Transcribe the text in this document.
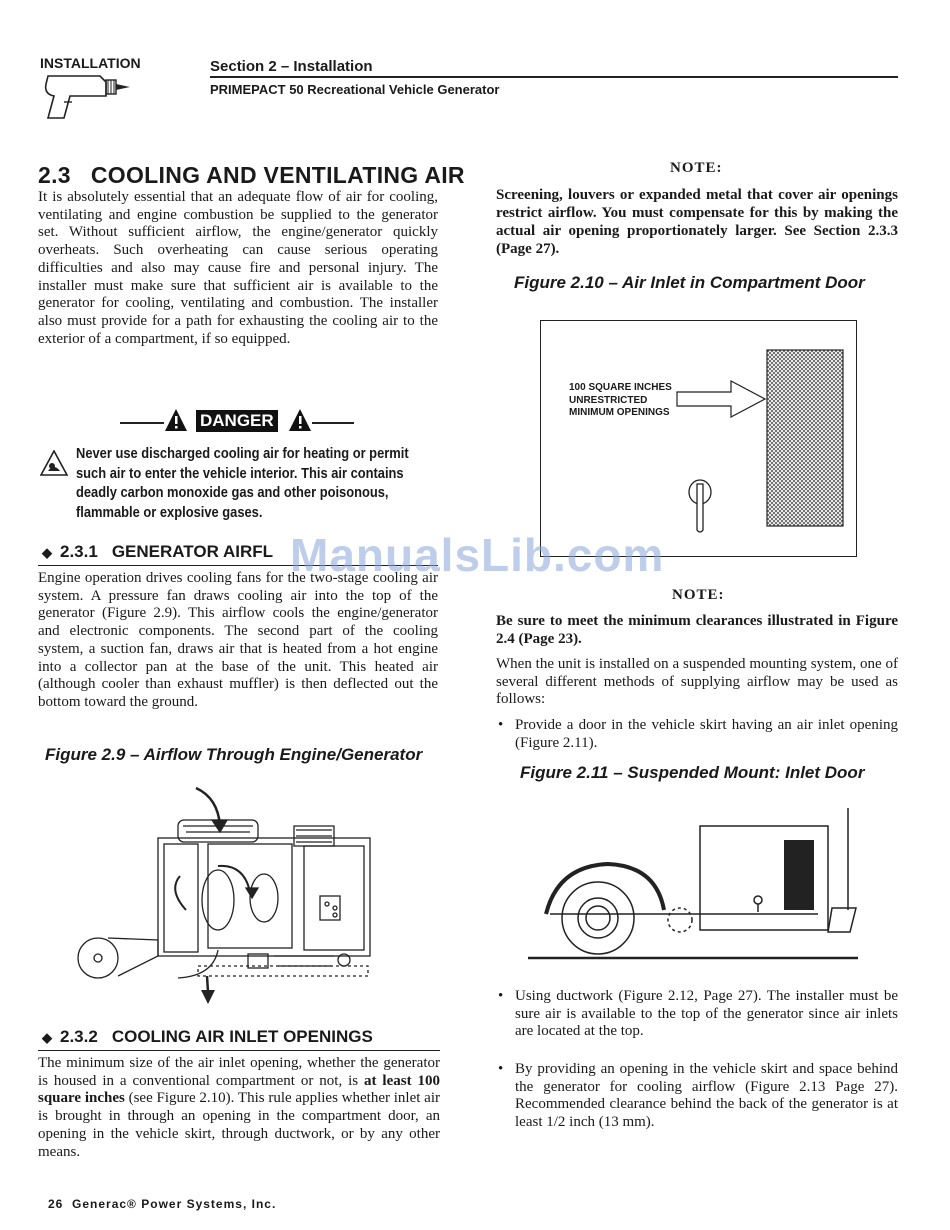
INSTALLATION	Section 2 – Installation
PRIMEPACT 50 Recreational Vehicle Generator
2.3 COOLING AND VENTILATING AIR
It is absolutely essential that an adequate flow of air for cooling, ventilating and engine combustion be supplied to the generator set. Without sufficient airflow, the engine/generator quickly overheats. Such overheating can cause serious operating difficulties and also may cause fire and personal injury. The installer must make sure that sufficient air is available to the generator for cooling, ventilating and combustion. The installer also must provide for a path for exhausting the cooling air to the exterior of a compartment, if so equipped.
DANGER
Never use discharged cooling air for heating or permit such air to enter the vehicle interior. This air contains deadly carbon monoxide gas and other poisonous, flammable or explosive gases.
◆ 2.3.1 GENERATOR AIRFL
Engine operation drives cooling fans for the two-stage cooling air system. A pressure fan draws cooling air into the top of the generator (Figure 2.9). This airflow cools the engine/generator and electronic components. The second part of the cooling system, a suction fan, draws air that is heated from a hot engine into a collector pan at the base of the unit. This heated air (although cooler than exhaust muffler) is then deflected out the bottom toward the ground.
Figure 2.9 – Airflow Through Engine/Generator
◆ 2.3.2 COOLING AIR INLET OPENINGS
The minimum size of the air inlet opening, whether the generator is housed in a conventional compartment or not, is at least 100 square inches (see Figure 2.10). This rule applies whether inlet air is brought in through an opening in the compartment door, an opening in the vehicle skirt, through ductwork, or by any other means.
NOTE:
Screening, louvers or expanded metal that cover air openings restrict airflow. You must compensate for this by making the actual air opening proportionately larger. See Section 2.3.3 (Page 27).
Figure 2.10 – Air Inlet in Compartment Door
100 SQUARE INCHES
UNRESTRICTED
MINIMUM OPENINGS
NOTE:
Be sure to meet the minimum clearances illustrated in Figure 2.4 (Page 23).
When the unit is installed on a suspended mounting system, one of several different methods of supplying airflow may be used as follows:
• Provide a door in the vehicle skirt having an air inlet opening (Figure 2.11).
Figure 2.11 – Suspended Mount: Inlet Door
• Using ductwork (Figure 2.12, Page 27). The installer must be sure air is available to the top of the generator since air inlets are located at the top.
• By providing an opening in the vehicle skirt and space behind the generator for cooling airflow (Figure 2.13 Page 27). Recommended clearance behind the back of the generator is at least 1/2 inch (13 mm).
26 Generac® Power Systems, Inc.
ManualsLib.com
